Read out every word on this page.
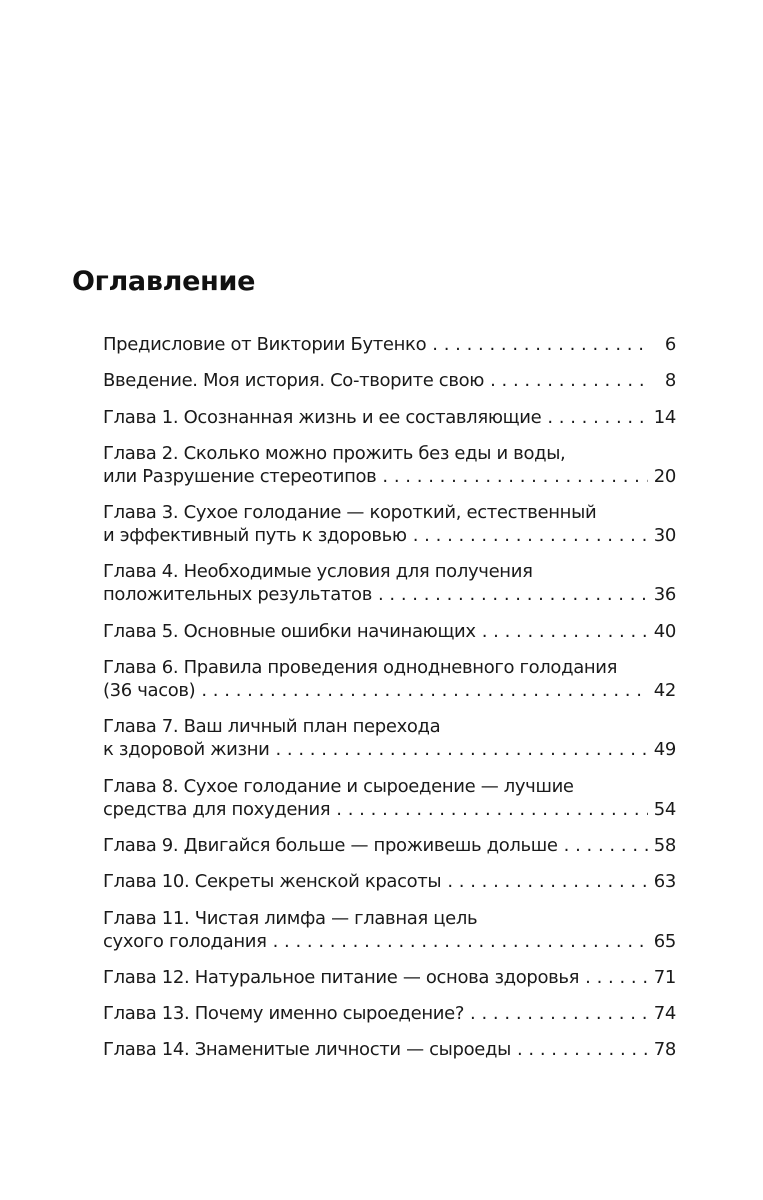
Оглавление
Предисловие от Виктории Бутенко . . .	6
Введение. Моя история. Со-творите свою . . .	8
Глава 1. Осознанная жизнь и ее составляющие . . .	14
Глава 2. Сколько можно прожить без еды и воды,
или Разрушение стереотипов . . .	20
Глава 3. Сухое голодание — короткий, естественный
и эффективный путь к здоровью . . .	30
Глава 4. Необходимые условия для получения
положительных результатов . . .	36
Глава 5. Основные ошибки начинающих . . .	40
Глава 6. Правила проведения однодневного голодания
(36 часов) . . .	42
Глава 7. Ваш личный план перехода
к здоровой жизни . . .	49
Глава 8. Сухое голодание и сыроедение — лучшие
средства для похудения . . .	54
Глава 9. Двигайся больше — проживешь дольше . . .	58
Глава 10. Секреты женской красоты . . .	63
Глава 11. Чистая лимфа — главная цель
сухого голодания . . .	65
Глава 12. Натуральное питание — основа здоровья . . .	71
Глава 13. Почему именно сыроедение? . . .	74
Глава 14. Знаменитые личности — сыроеды . . .	78
